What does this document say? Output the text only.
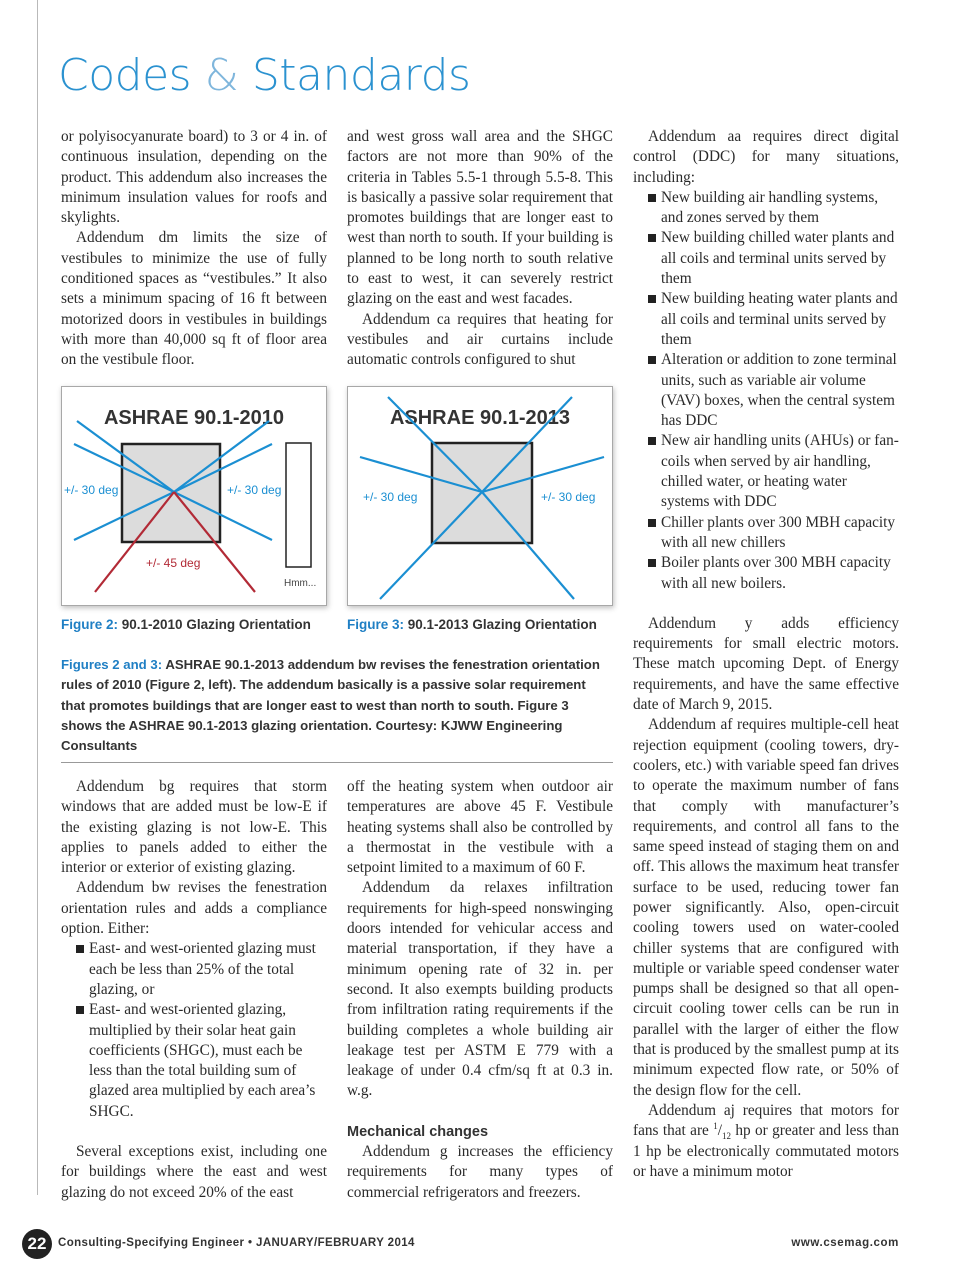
Codes & Standards

or polyisocyanurate board) to 3 or 4 in. of continuous insulation, depending on the product. This addendum also increases the minimum insulation values for roofs and skylights.

Addendum dm limits the size of vestibules to minimize the use of fully conditioned spaces as “vestibules.” It also sets a minimum spacing of 16 ft between motorized doors in vestibules in buildings with more than 40,000 sq ft of floor area on the vestibule floor.

and west gross wall area and the SHGC factors are not more than 90% of the criteria in Tables 5.5-1 through 5.5-8. This is basically a passive solar requirement that promotes buildings that are longer east to west than north to south. If your building is planned to be long north to south relative to east to west, it can severely restrict glazing on the east and west facades.

Addendum ca requires that heating for vestibules and air curtains include automatic controls configured to shut

ASHRAE 90.1-2010
+/- 30 deg	+/- 30 deg
+/- 45 deg
Hmm...
Figure 2: 90.1-2010 Glazing Orientation
ASHRAE 90.1-2013
+/- 30 deg	+/- 30 deg
Figure 3: 90.1-2013 Glazing Orientation
Figures 2 and 3: ASHRAE 90.1-2013 addendum bw revises the fenestration orientation rules of 2010 (Figure 2, left). The addendum basically is a passive solar requirement that promotes buildings that are longer east to west than north to south. Figure 3 shows the ASHRAE 90.1-2013 glazing orientation. Courtesy: KJWW Engineering Consultants

Addendum bg requires that storm windows that are added must be low-E if the existing glazing is not low-E. This applies to panels added to either the interior or exterior of existing glazing.

Addendum bw revises the fenestration orientation rules and adds a compliance option. Either:

East- and west-oriented glazing must each be less than 25% of the total glazing, or
East- and west-oriented glazing, multiplied by their solar heat gain coefficients (SHGC), must each be less than the total building sum of glazed area multiplied by each area’s SHGC.

Several exceptions exist, including one for buildings where the east and west glazing do not exceed 20% of the east

off the heating system when outdoor air temperatures are above 45 F. Vestibule heating systems shall also be controlled by a thermostat in the vestibule with a setpoint limited to a maximum of 60 F.

Addendum da relaxes infiltration requirements for high-speed nonswinging doors intended for vehicular access and material transportation, if they have a minimum opening rate of 32 in. per second. It also exempts building products from infiltration rating requirements if the building completes a whole building air leakage test per ASTM E 779 with a leakage of under 0.4 cfm/sq ft at 0.3 in. w.g.

Mechanical changes

Addendum g increases the efficiency requirements for many types of commercial refrigerators and freezers.

Addendum aa requires direct digital control (DDC) for many situations, including:

New building air handling systems, and zones served by them
New building chilled water plants and all coils and terminal units served by them
New building heating water plants and all coils and terminal units served by them
Alteration or addition to zone terminal units, such as variable air volume (VAV) boxes, when the central system has DDC
New air handling units (AHUs) or fan-coils when served by air handling, chilled water, or heating water systems with DDC
Chiller plants over 300 MBH capacity with all new chillers
Boiler plants over 300 MBH capacity with all new boilers.

Addendum y adds efficiency requirements for small electric motors. These match upcoming Dept. of Energy requirements, and have the same effective date of March 9, 2015.

Addendum af requires multiple-cell heat rejection equipment (cooling towers, dry-coolers, etc.) with variable speed fan drives to operate the maximum number of fans that comply with manufacturer’s requirements, and control all fans to the same speed instead of staging them on and off. This allows the maximum heat transfer surface to be used, reducing tower fan power significantly. Also, open-circuit cooling towers used on water-cooled chiller systems that are configured with multiple or variable speed condenser water pumps shall be designed so that all open-circuit cooling tower cells can be run in parallel with the larger of either the flow that is produced by the smallest pump at its minimum expected flow rate, or 50% of the design flow for the cell.

Addendum aj requires that motors for fans that are $^1/_{12}$ hp or greater and less than 1 hp be electronically commutated motors or have a minimum motor

22	Consulting-Specifying Engineer • JANUARY/FEBRUARY 2014	www.csemag.com
